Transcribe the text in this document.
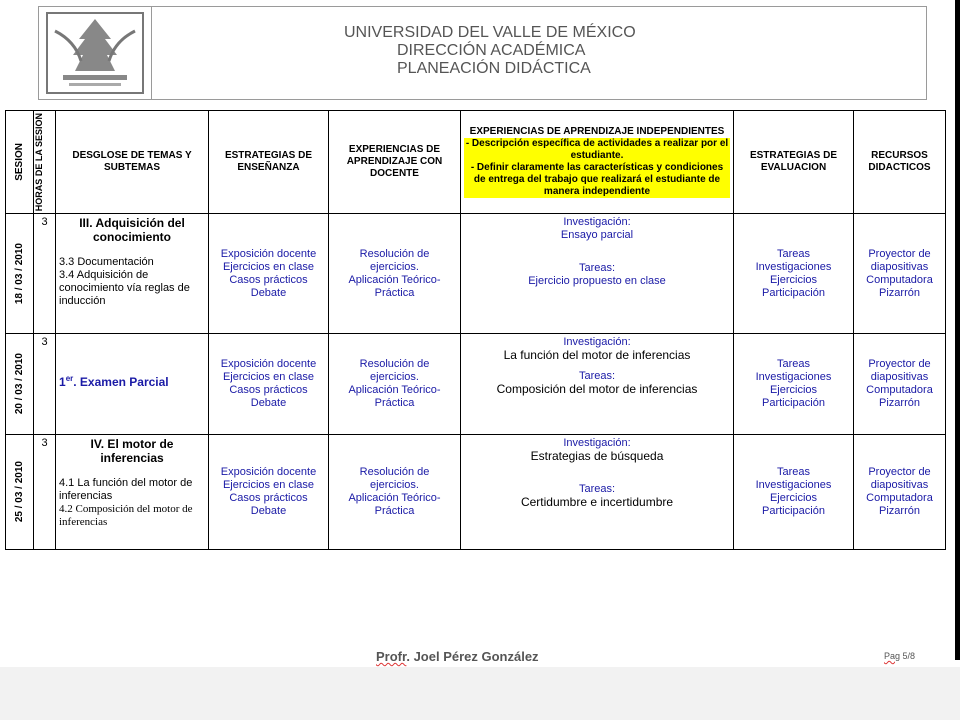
UNIVERSIDAD DEL VALLE DE MÉXICO
DIRECCIÓN ACADÉMICA
PLANEACIÓN DIDÁCTICA
SESION	HORAS DE LA SESION	DESGLOSE DE TEMAS Y SUBTEMAS	ESTRATEGIAS DE ENSEÑANZA	EXPERIENCIAS DE APRENDIZAJE CON DOCENTE	EXPERIENCIAS DE APRENDIZAJE INDEPENDIENTES
- Descripción específica de actividades a realizar por el estudiante.
- Definir claramente las características y condiciones de entrega del trabajo que realizará el estudiante de manera independiente	ESTRATEGIAS DE EVALUACION	RECURSOS DIDACTICOS

18 / 03 / 2010	3	III. Adquisición del conocimiento
3.3 Documentación
3.4 Adquisición de conocimiento vía reglas de inducción	Exposición docente
Ejercicios en clase
Casos prácticos
Debate	Resolución de
ejercicios.
Aplicación Teórico-
Práctica	Investigación:
Ensayo parcial
Tareas:
Ejercicio propuesto en clase	Tareas
Investigaciones
Ejercicios
Participación	Proyector de
diapositivas
Computadora
Pizarrón

20 / 03 / 2010	3	1er. Examen Parcial	Exposición docente
Ejercicios en clase
Casos prácticos
Debate	Resolución de
ejercicios.
Aplicación Teórico-
Práctica	Investigación:
La función del motor de inferencias
Tareas:
Composición del motor de inferencias	Tareas
Investigaciones
Ejercicios
Participación	Proyector de
diapositivas
Computadora
Pizarrón

25 / 03 / 2010	3	IV. El motor de inferencias
4.1 La función del motor de inferencias
4.2 Composición del motor de inferencias	Exposición docente
Ejercicios en clase
Casos prácticos
Debate	Resolución de
ejercicios.
Aplicación Teórico-
Práctica	Investigación:
Estrategias de búsqueda
Tareas:
Certidumbre e incertidumbre	Tareas
Investigaciones
Ejercicios
Participación	Proyector de
diapositivas
Computadora
Pizarrón
Profr. Joel Pérez González	Pag 5/8
